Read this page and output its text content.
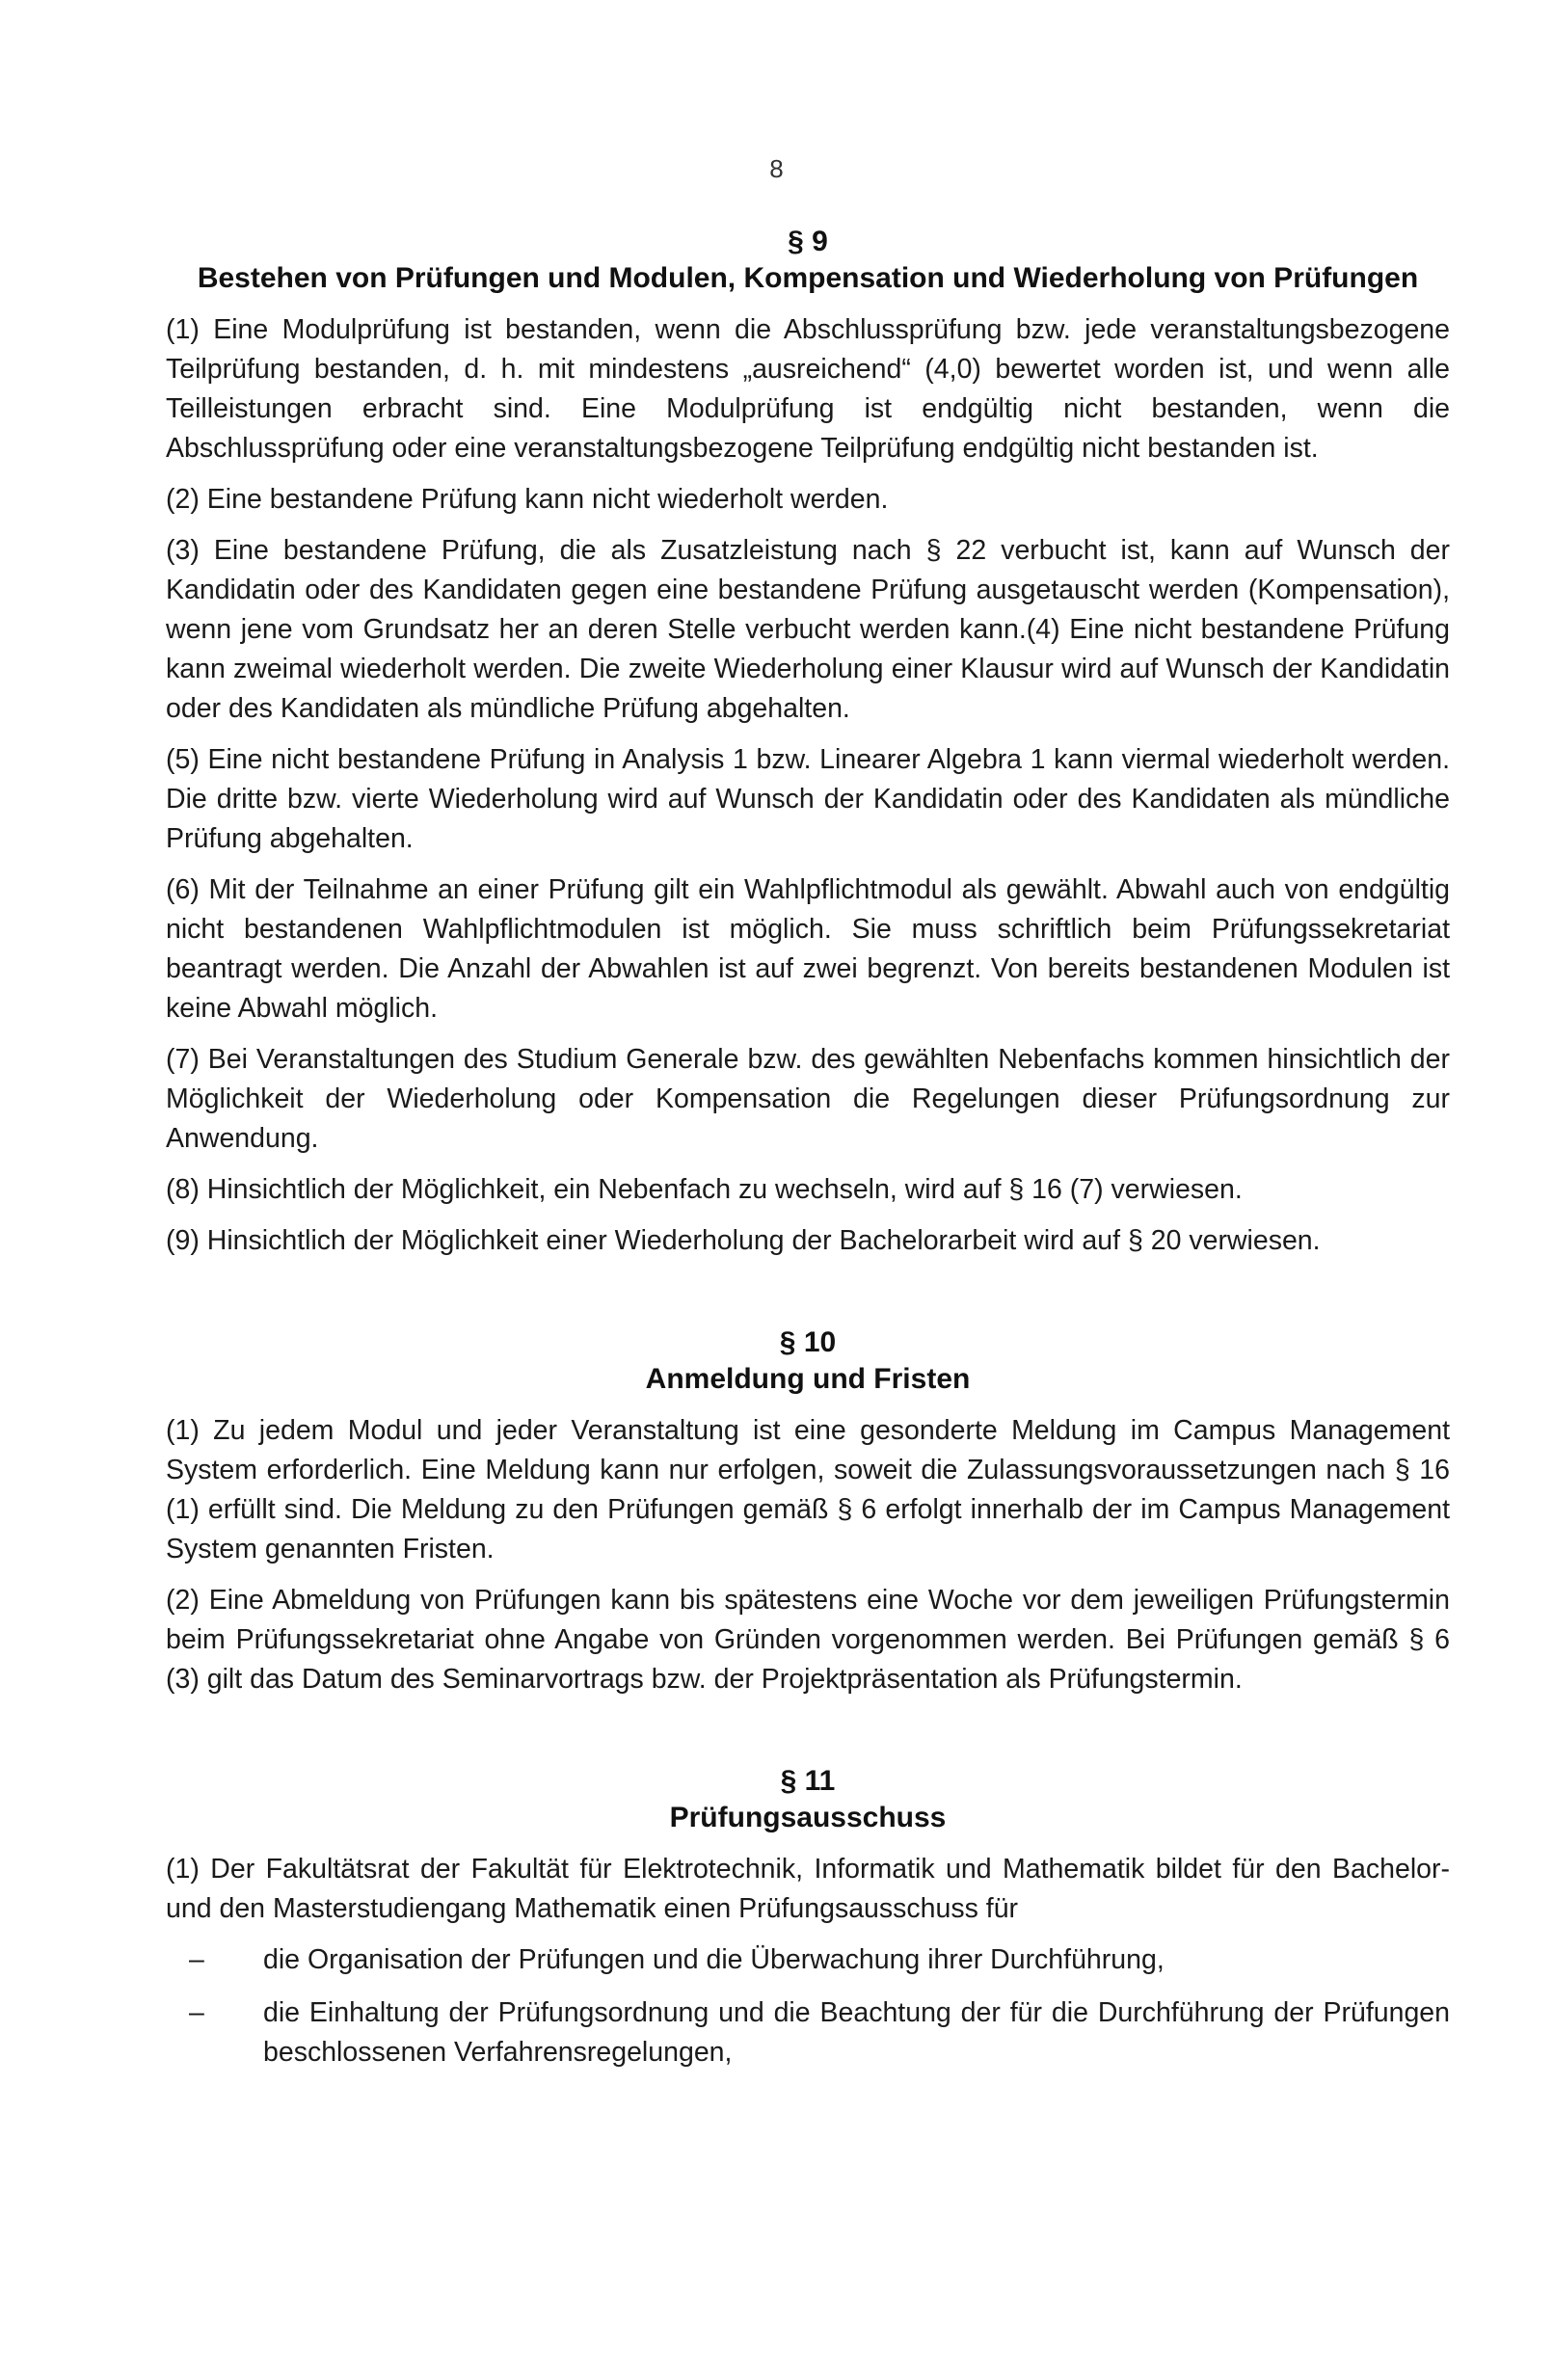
8
§ 9
Bestehen von Prüfungen und Modulen, Kompensation und Wiederholung von Prüfungen

(1) Eine Modulprüfung ist bestanden, wenn die Abschlussprüfung bzw. jede veranstaltungsbezogene Teilprüfung bestanden, d. h. mit mindestens „ausreichend“ (4,0) bewertet worden ist, und wenn alle Teilleistungen erbracht sind. Eine Modulprüfung ist endgültig nicht bestanden, wenn die Abschlussprüfung oder eine veranstaltungsbezogene Teilprüfung endgültig nicht bestanden ist.

(2) Eine bestandene Prüfung kann nicht wiederholt werden.

(3) Eine bestandene Prüfung, die als Zusatzleistung nach § 22 verbucht ist, kann auf Wunsch der Kandidatin oder des Kandidaten gegen eine bestandene Prüfung ausgetauscht werden (Kompensation), wenn jene vom Grundsatz her an deren Stelle verbucht werden kann.(4) Eine nicht bestandene Prüfung kann zweimal wiederholt werden. Die zweite Wiederholung einer Klausur wird auf Wunsch der Kandidatin oder des Kandidaten als mündliche Prüfung abgehalten.

(5) Eine nicht bestandene Prüfung in Analysis 1 bzw. Linearer Algebra 1 kann viermal wiederholt werden. Die dritte bzw. vierte Wiederholung wird auf Wunsch der Kandidatin oder des Kandidaten als mündliche Prüfung abgehalten.

(6) Mit der Teilnahme an einer Prüfung gilt ein Wahlpflichtmodul als gewählt. Abwahl auch von endgültig nicht bestandenen Wahlpflichtmodulen ist möglich. Sie muss schriftlich beim Prüfungssekretariat beantragt werden. Die Anzahl der Abwahlen ist auf zwei begrenzt. Von bereits bestandenen Modulen ist keine Abwahl möglich.

(7) Bei Veranstaltungen des Studium Generale bzw. des gewählten Nebenfachs kommen hinsichtlich der Möglichkeit der Wiederholung oder Kompensation die Regelungen dieser Prüfungsordnung zur Anwendung.

(8) Hinsichtlich der Möglichkeit, ein Nebenfach zu wechseln, wird auf § 16 (7) verwiesen.

(9) Hinsichtlich der Möglichkeit einer Wiederholung der Bachelorarbeit wird auf § 20 verwiesen.

§ 10
Anmeldung und Fristen

(1) Zu jedem Modul und jeder Veranstaltung ist eine gesonderte Meldung im Campus Management System erforderlich. Eine Meldung kann nur erfolgen, soweit die Zulassungsvoraussetzungen nach § 16 (1) erfüllt sind. Die Meldung zu den Prüfungen gemäß § 6 erfolgt innerhalb der im Campus Management System genannten Fristen.

(2) Eine Abmeldung von Prüfungen kann bis spätestens eine Woche vor dem jeweiligen Prüfungstermin beim Prüfungssekretariat ohne Angabe von Gründen vorgenommen werden. Bei Prüfungen gemäß § 6 (3) gilt das Datum des Seminarvortrags bzw. der Projektpräsentation als Prüfungstermin.

§ 11
Prüfungsausschuss

(1) Der Fakultätsrat der Fakultät für Elektrotechnik, Informatik und Mathematik bildet für den Bachelor- und den Masterstudiengang Mathematik einen Prüfungsausschuss für

– die Organisation der Prüfungen und die Überwachung ihrer Durchführung,
– die Einhaltung der Prüfungsordnung und die Beachtung der für die Durchführung der Prüfungen beschlossenen Verfahrensregelungen,
